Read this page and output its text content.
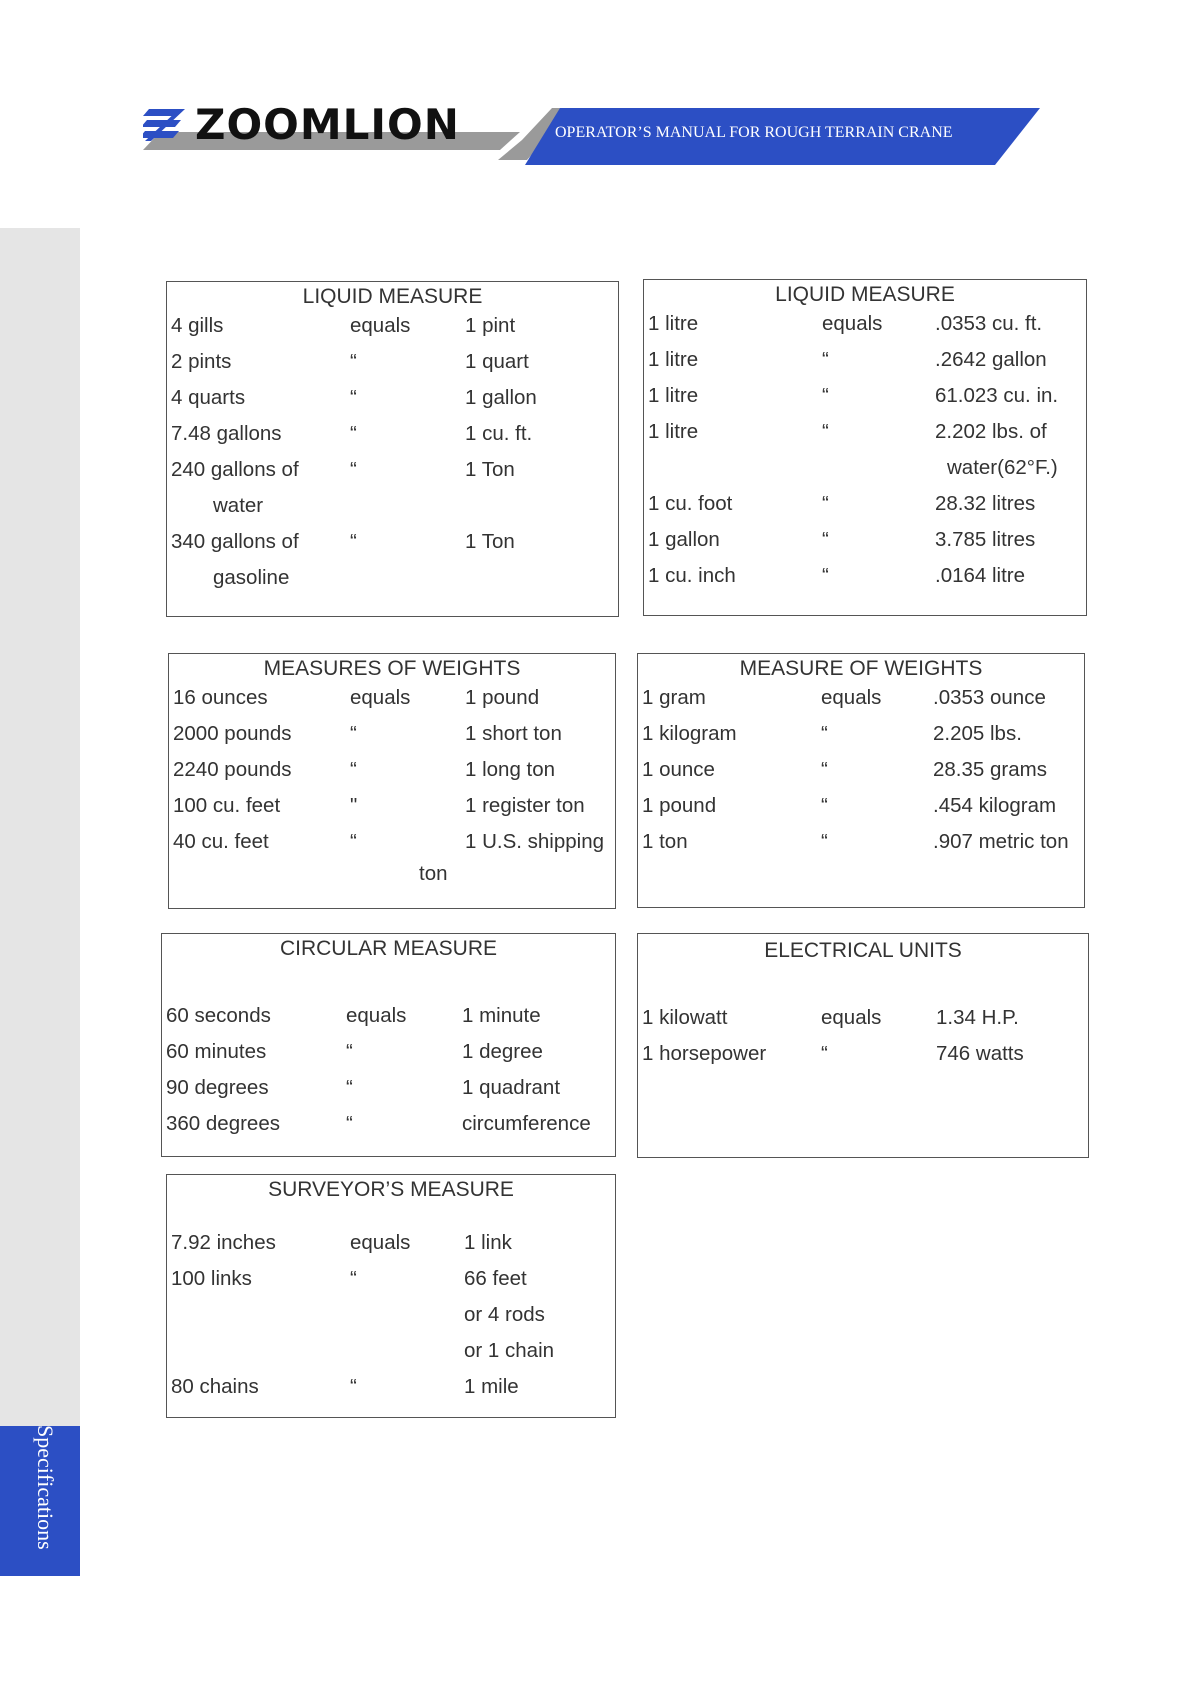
ZOOMLION	OPERATOR’S MANUAL FOR ROUGH TERRAIN CRANE
Specifications
LIQUID MEASURE
4 gills	equals	1 pint
2 pints	“	1 quart
4 quarts	“	1 gallon
7.48 gallons	“	1 cu. ft.
240 gallons of	“	1 Ton
water
340 gallons of	“	1 Ton
gasoline
LIQUID MEASURE
1 litre	equals	.0353 cu. ft.
1 litre	“	.2642 gallon
1 litre	“	61.023 cu. in.
1 litre	“	2.202 lbs. of
water(62°F.)
1 cu. foot	“	28.32 litres
1 gallon	“	3.785 litres
1 cu. inch	“	.0164 litre
MEASURES OF WEIGHTS
16 ounces	equals	1 pound
2000 pounds	“	1 short ton
2240 pounds	“	1 long ton
100 cu. feet	"	1 register ton
40 cu. feet	“	1 U.S. shipping
ton
MEASURE OF WEIGHTS
1 gram	equals	.0353 ounce
1 kilogram	“	2.205 lbs.
1 ounce	“	28.35 grams
1 pound	“	.454 kilogram
1 ton	“	.907 metric ton
CIRCULAR MEASURE
60 seconds	equals	1 minute
60 minutes	“	1 degree
90 degrees	“	1 quadrant
360 degrees	“	circumference
ELECTRICAL UNITS
1 kilowatt	equals	1.34 H.P.
1 horsepower	“	746 watts
SURVEYOR’S MEASURE
7.92 inches	equals	1 link
100 links	“	66 feet
or 4 rods
or 1 chain
80 chains	“	1 mile
